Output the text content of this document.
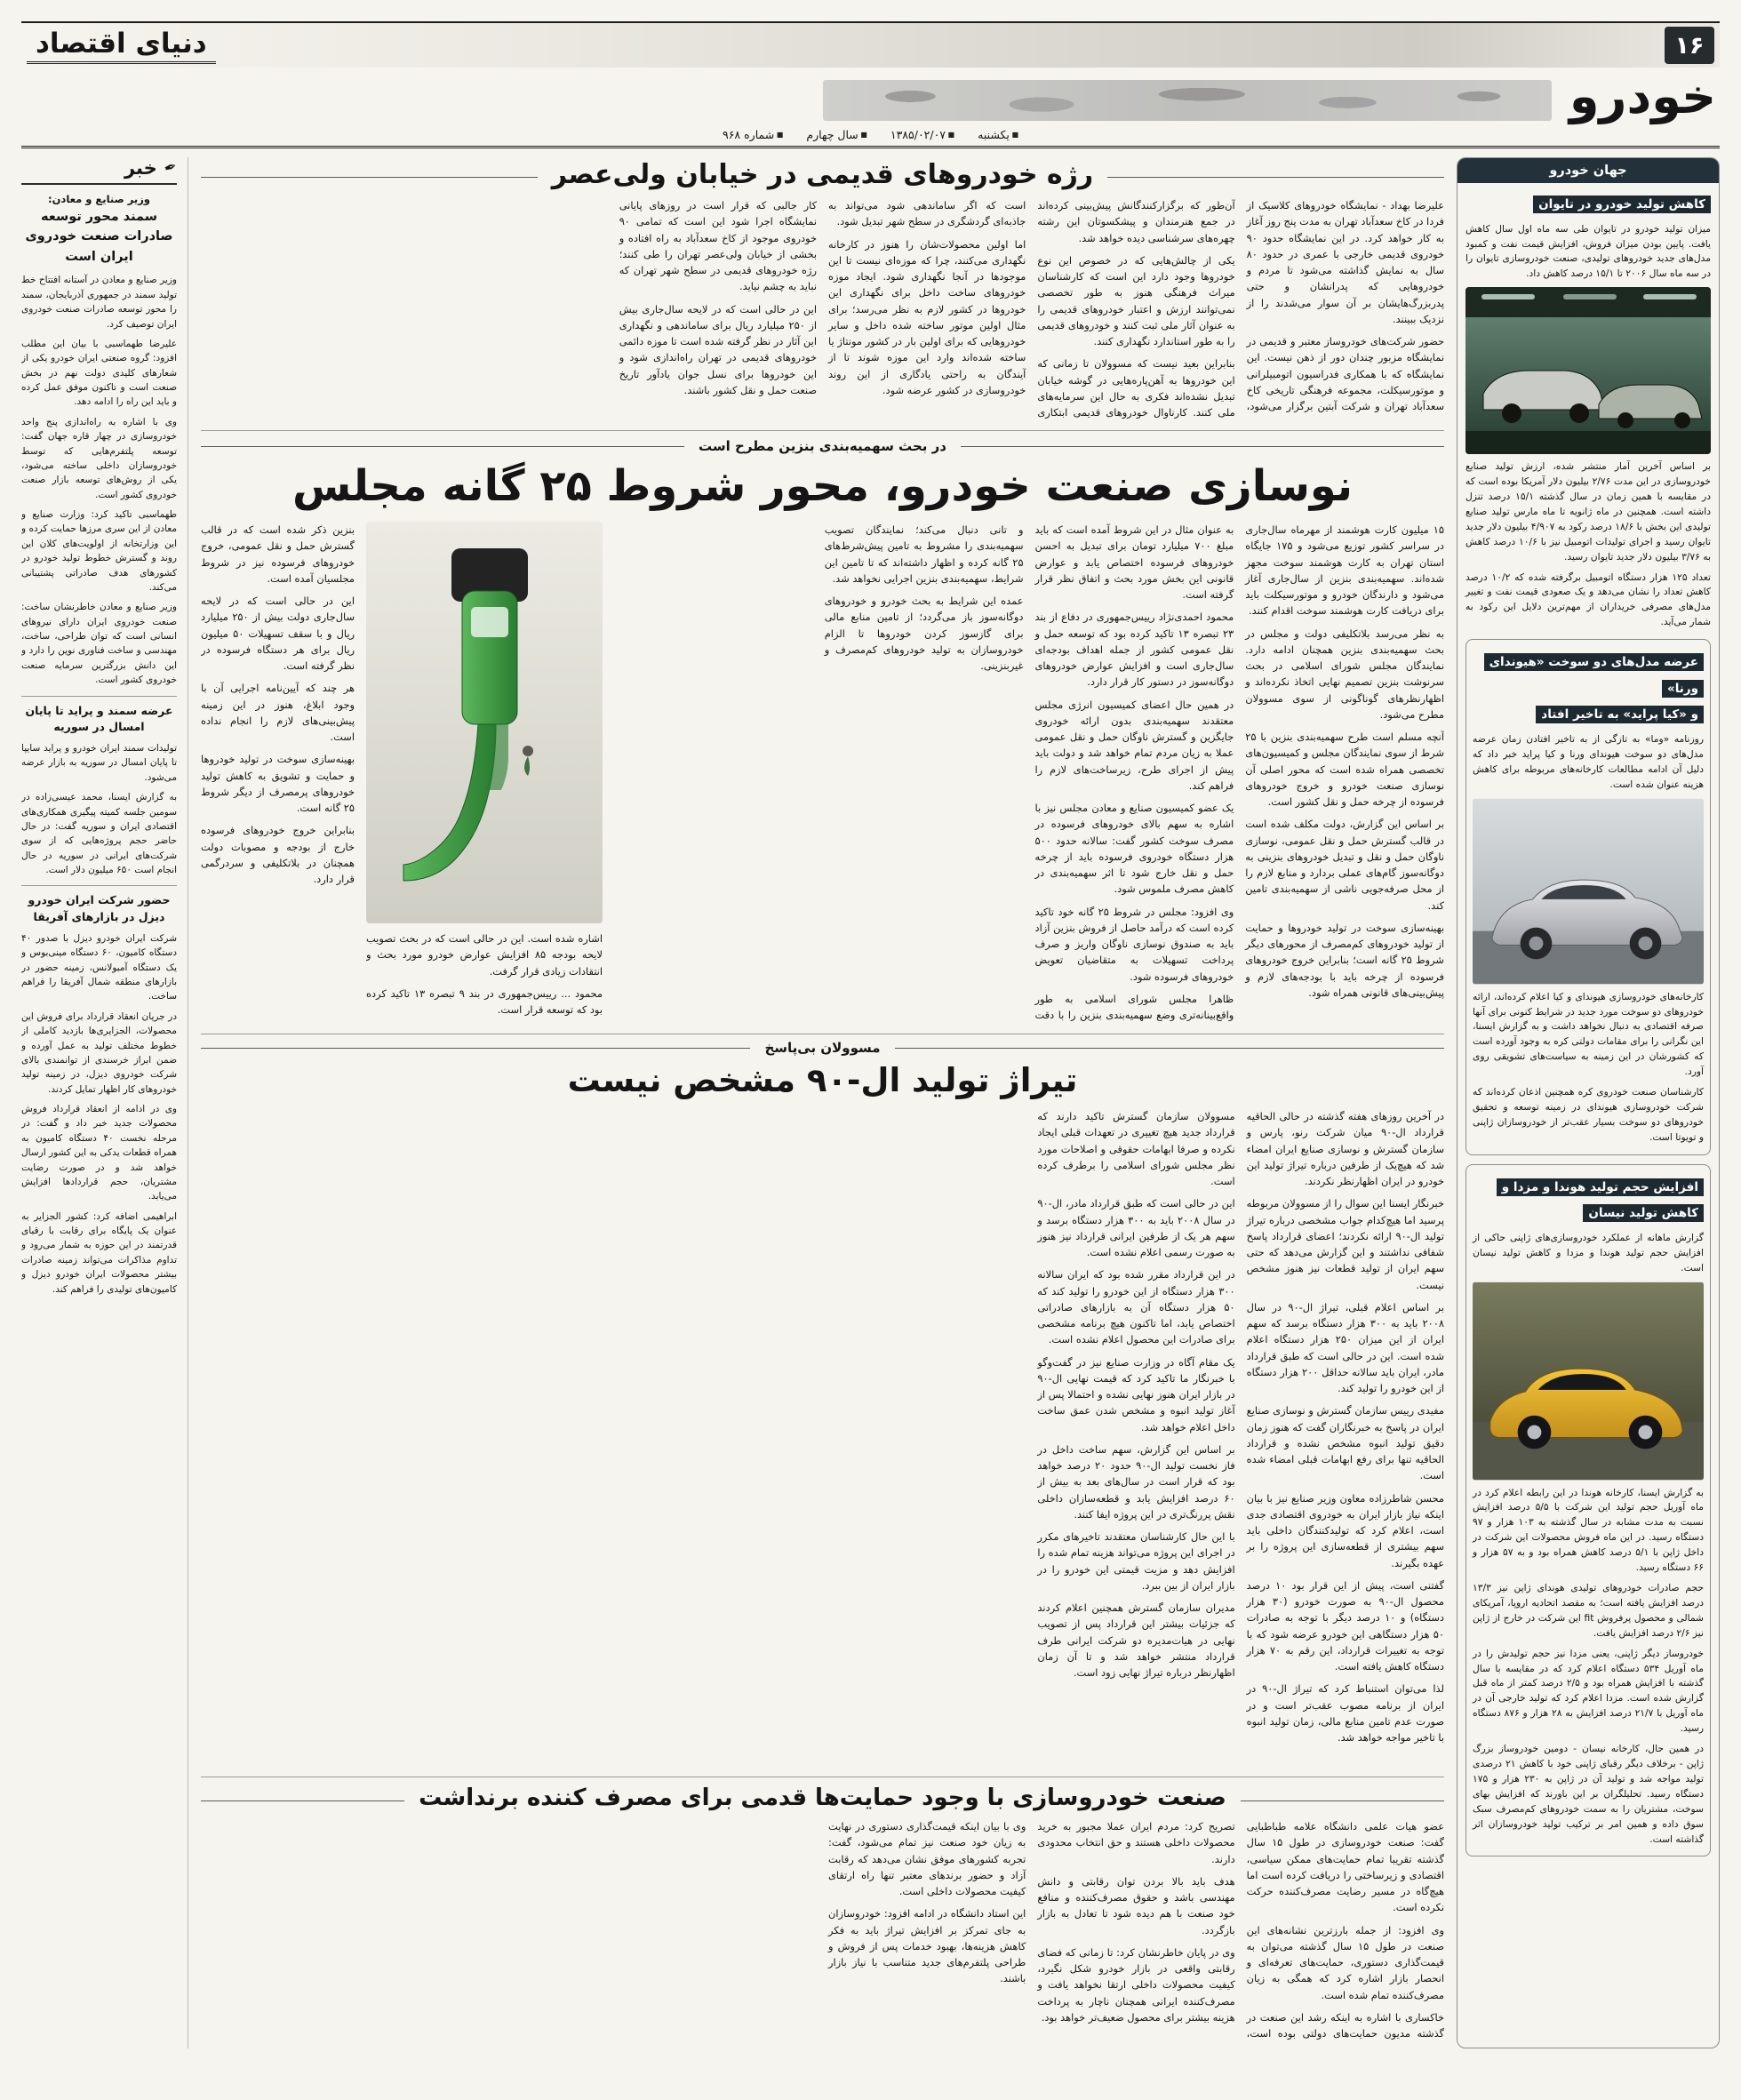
۱۶
دنیای اقتصاد
خودرو
■ یکشنبه
■ ۱۳۸۵/۰۲/۰۷
■ سال چهارم
■ شماره ۹۶۸
جهان خودرو
کاهش تولید خودرو در تایوان

میزان تولید خودرو در تایوان طی سه ماه اول سال کاهش یافت. پایین بودن میزان فروش، افزایش قیمت نفت و کمبود مدل‌های جدید خودروهای تولیدی، صنعت خودروسازی تایوان را در سه ماه سال ۲۰۰۶ تا ۱۵/۱ درصد کاهش داد.

بر اساس آخرین آمار منتشر شده، ارزش تولید صنایع خودروسازی در این مدت ۲/۷۶ بیلیون دلار آمریکا بوده است که در مقایسه با همین زمان در سال گذشته ۱۵/۱ درصد تنزل داشته است. همچنین در ماه ژانویه تا ماه مارس تولید صنایع تولیدی این بخش با ۱۸/۶ درصد رکود به ۴/۹۰۷ بیلیون دلار جدید تایوان رسید و اجرای تولیدات اتومبیل نیز با ۱۰/۶ درصد کاهش به ۳/۷۶ بیلیون دلار جدید تایوان رسید.

تعداد ۱۲۵ هزار دستگاه اتومبیل برگرفته شده که ۱۰/۲ درصد کاهش تعداد را نشان می‌دهد و یک صعودی قیمت نفت و تغییر مدل‌های مصرفی خریداران از مهم‌ترین دلایل این رکود به شمار می‌آید.

عرضه مدل‌های دو سوخت «هیوندای ورنا»
و «کیا پراید» به تاخیر افتاد

روزنامه «وما» به تازگی از به تاخیر افتادن زمان عرضه مدل‌های دو سوخت هیوندای ورنا و کیا پراید خبر داد که دلیل آن ادامه مطالعات کارخانه‌های مربوطه برای کاهش هزینه عنوان شده است.

کارخانه‌های خودروسازی هیوندای و کیا اعلام کرده‌اند، ارائه خودروهای دو سوخت مورد جدید در شرایط کنونی برای آنها صرفه اقتصادی به دنبال نخواهد داشت و به گزارش ایسنا، این نگرانی را برای مقامات دولتی کره به وجود آورده است که کشورشان در این زمینه به سیاست‌های تشویقی روی آورد.

کارشناسان صنعت خودروی کره همچنین اذعان کرده‌اند که شرکت خودروسازی هیوندای در زمینه توسعه و تحقیق خودروهای دو سوخت بسیار عقب‌تر از خودروسازان ژاپنی و تویوتا است.

افزایش حجم تولید هوندا و مزدا و کاهش تولید نیسان

گزارش ماهانه از عملکرد خودروسازی‌های ژاپنی حاکی از افزایش حجم تولید هوندا و مزدا و کاهش تولید نیسان است.

به گزارش ایسنا، کارخانه هوندا در این رابطه اعلام کرد در ماه آوریل حجم تولید این شرکت با ۵/۵ درصد افزایش نسبت به مدت مشابه در سال گذشته به ۱۰۳ هزار و ۹۷ دستگاه رسید. در این ماه فروش محصولات این شرکت در داخل ژاپن با ۵/۱ درصد کاهش همراه بود و به ۵۷ هزار و ۶۶ دستگاه رسید.

حجم صادرات خودروهای تولیدی هوندای ژاپن نیز ۱۳/۳ درصد افزایش یافته است؛ به مقصد اتحادیه اروپا، آمریکای شمالی و محصول پرفروش fit این شرکت در خارج از ژاپن نیز ۲/۶ درصد افزایش یافت.

خودروساز دیگر ژاپنی، یعنی مزدا نیز حجم تولیدش را در ماه آوریل ۵۳۴ دستگاه اعلام کرد که در مقایسه با سال گذشته با افزایش همراه بود و ۲/۵ درصد کمتر از ماه قبل گزارش شده است. مزدا اعلام کرد که تولید خارجی آن در ماه آوریل با ۲۱/۷ درصد افزایش به ۲۸ هزار و ۸۷۶ دستگاه رسید.

در همین حال، کارخانه نیسان - دومین خودروساز بزرگ ژاپن - برخلاف دیگر رقبای ژاپنی خود با کاهش ۲۱ درصدی تولید مواجه شد و تولید آن در ژاپن به ۲۳۰ هزار و ۱۷۵ دستگاه رسید. تحلیلگران بر این باورند که افزایش بهای سوخت، مشتریان را به سمت خودروهای کم‌مصرف سبک سوق داده و همین امر بر ترکیب تولید خودروسازان اثر گذاشته است.

رژه خودروهای قدیمی در خیابان ولی‌عصر

علیرضا بهداد - نمایشگاه خودروهای کلاسیک از فردا در کاخ سعدآباد تهران به مدت پنج روز آغاز به کار خواهد کرد. در این نمایشگاه حدود ۹۰ خودروی قدیمی خارجی با عمری در حدود ۸۰ سال به نمایش گذاشته می‌شود تا مردم و خودروهایی که پدرانشان و حتی پدربزرگ‌هایشان بر آن سوار می‌شدند را از نزدیک ببینند.

حضور شرکت‌های خودروساز معتبر و قدیمی در نمایشگاه مزبور چندان دور از ذهن نیست. این نمایشگاه که با همکاری فدراسیون اتومبیلرانی و موتورسیکلت، مجموعه فرهنگی تاریخی کاخ سعدآباد تهران و شرکت آبتین برگزار می‌شود، آن‌طور که برگزارکنندگانش پیش‌بینی کرده‌اند در جمع هنرمندان و پیشکسوتان این رشته چهره‌های سرشناسی دیده خواهد شد.

یکی از چالش‌هایی که در خصوص این نوع خودروها وجود دارد این است که کارشناسان میراث فرهنگی هنوز به طور تخصصی نمی‌توانند ارزش و اعتبار خودروهای قدیمی را به عنوان آثار ملی ثبت کنند و خودروهای قدیمی را به طور استاندارد نگهداری کنند.

بنابراین بعید نیست که مسوولان تا زمانی که این خودروها به آهن‌پاره‌هایی در گوشه خیابان تبدیل نشده‌اند فکری به حال این سرمایه‌های ملی کنند. کارناوال خودروهای قدیمی ابتکاری است که اگر ساماندهی شود می‌تواند به جاذبه‌ای گردشگری در سطح شهر تبدیل شود.

اما اولین محصولات‌شان را هنوز در کارخانه نگهداری می‌کنند، چرا که موزه‌ای نیست تا این موجودها در آنجا نگهداری شود. ایجاد موزه خودروهای ساخت داخل برای نگهداری این خودروها در کشور لازم به نظر می‌رسد؛ برای مثال اولین موتور ساخته شده داخل و سایر خودروهایی که برای اولین بار در کشور مونتاژ یا ساخته شده‌اند وارد این موزه شوند تا از آیندگان به راحتی یادگاری از این روند خودروسازی در کشور عرضه شود.

کار جالبی که قرار است در روزهای پایانی نمایشگاه اجرا شود این است که تمامی ۹۰ خودروی موجود از کاخ سعدآباد به راه افتاده و بخشی از خیابان ولی‌عصر تهران را طی کنند؛ رژه خودروهای قدیمی در سطح شهر تهران که نباید به چشم نیاید.

این در حالی است که در لایحه سال‌جاری بیش از ۲۵۰ میلیارد ریال برای ساماندهی و نگهداری این آثار در نظر گرفته شده است تا موزه دائمی خودروهای قدیمی در تهران راه‌اندازی شود و این خودروها برای نسل جوان یادآور تاریخ صنعت حمل و نقل کشور باشند.

در بحث سهمیه‌بندی بنزین مطرح است
نوسازی صنعت خودرو، محور شروط ۲۵ گانه مجلس

۱۵ میلیون کارت هوشمند از مهرماه سال‌جاری در سراسر کشور توزیع می‌شود و ۱۷۵ جایگاه استان تهران به کارت هوشمند سوخت مجهز شده‌اند. سهمیه‌بندی بنزین از سال‌جاری آغاز می‌شود و دارندگان خودرو و موتورسیکلت باید برای دریافت کارت هوشمند سوخت اقدام کنند.

به نظر می‌رسد بلاتکلیفی دولت و مجلس در بحث سهمیه‌بندی بنزین همچنان ادامه دارد. نمایندگان مجلس شورای اسلامی در بحث سرنوشت بنزین تصمیم نهایی اتخاذ نکرده‌اند و اظهارنظرهای گوناگونی از سوی مسوولان مطرح می‌شود.

آنچه مسلم است طرح سهمیه‌بندی بنزین با ۲۵ شرط از سوی نمایندگان مجلس و کمیسیون‌های تخصصی همراه شده است که محور اصلی آن نوسازی صنعت خودرو و خروج خودروهای فرسوده از چرخه حمل و نقل کشور است.

بر اساس این گزارش، دولت مکلف شده است در قالب گسترش حمل و نقل عمومی، نوسازی ناوگان حمل و نقل و تبدیل خودروهای بنزینی به دوگانه‌سوز گام‌های عملی بردارد و منابع لازم را از محل صرفه‌جویی ناشی از سهمیه‌بندی تامین کند.

بهینه‌سازی سوخت در تولید خودروها و حمایت از تولید خودروهای کم‌مصرف از محورهای دیگر شروط ۲۵ گانه است؛ بنابراین خروج خودروهای فرسوده از چرخه باید با بودجه‌های لازم و پیش‌بینی‌های قانونی همراه شود.

به عنوان مثال در این شروط آمده است که باید مبلغ ۷۰۰ میلیارد تومان برای تبدیل به احسن خودروهای فرسوده اختصاص یابد و عوارض قانونی این بخش مورد بحث و اتفاق نظر قرار گرفته است.

محمود احمدی‌نژاد رییس‌جمهوری در دفاع از بند ۲۳ تبصره ۱۳ تاکید کرده بود که توسعه حمل و نقل عمومی کشور از جمله اهداف بودجه‌ای سال‌جاری است و افزایش عوارض خودروهای دوگانه‌سوز در دستور کار قرار دارد.

در همین حال اعضای کمیسیون انرژی مجلس معتقدند سهمیه‌بندی بدون ارائه خودروی جایگزین و گسترش ناوگان حمل و نقل عمومی عملا به زیان مردم تمام خواهد شد و دولت باید پیش از اجرای طرح، زیرساخت‌های لازم را فراهم کند.

یک عضو کمیسیون صنایع و معادن مجلس نیز با اشاره به سهم بالای خودروهای فرسوده در مصرف سوخت کشور گفت: سالانه حدود ۵۰۰ هزار دستگاه خودروی فرسوده باید از چرخه حمل و نقل خارج شود تا اثر سهمیه‌بندی در کاهش مصرف ملموس شود.

وی افزود: مجلس در شروط ۲۵ گانه خود تاکید کرده است که درآمد حاصل از فروش بنزین آزاد باید به صندوق نوسازی ناوگان واریز و صرف پرداخت تسهیلات به متقاضیان تعویض خودروهای فرسوده شود.

ظاهرا مجلس شورای اسلامی به طور واقع‌بینانه‌تری وضع سهمیه‌بندی بنزین را با دقت و تانی دنبال می‌کند؛ نمایندگان تصویب سهمیه‌بندی را مشروط به تامین پیش‌شرط‌های ۲۵ گانه کرده و اظهار داشته‌اند که تا تامین این شرایط، سهمیه‌بندی بنزین اجرایی نخواهد شد.

عمده این شرایط به بحث خودرو و خودروهای دوگانه‌سوز باز می‌گردد؛ از تامین منابع مالی برای گازسوز کردن خودروها تا الزام خودروسازان به تولید خودروهای کم‌مصرف و غیربنزینی.

اشاره شده است. این در حالی است که در بحث تصویب لایحه بودجه ۸۵ افزایش عوارض خودرو مورد بحث و انتقادات زیادی قرار گرفت.

محمود ... رییس‌جمهوری در بند ۹ تبصره ۱۳ تاکید کرده بود که توسعه قرار است.

بنزین ذکر شده است که در قالب گسترش حمل و نقل عمومی، خروج خودروهای فرسوده نیز در شروط مجلسیان آمده است.

این در حالی است که در لایحه سال‌جاری دولت بیش از ۲۵۰ میلیارد ریال و با سقف تسهیلات ۵۰ میلیون ریال برای هر دستگاه فرسوده در نظر گرفته است.

هر چند که آیین‌نامه اجرایی آن با وجود ابلاغ، هنوز در این زمینه پیش‌بینی‌های لازم را انجام نداده است.

بهینه‌سازی سوخت در تولید خودروها و حمایت و تشویق به کاهش تولید خودروهای پرمصرف از دیگر شروط ۲۵ گانه است.

بنابراین خروج خودروهای فرسوده خارج از بودجه و مصوبات دولت همچنان در بلاتکلیفی و سردرگمی قرار دارد.

مسوولان بی‌پاسخ
تیراژ تولید ال-۹۰ مشخص نیست

در آخرین روزهای هفته گذشته در حالی الحاقیه قرارداد ال-۹۰ میان شرکت رنو، پارس و سازمان گسترش و نوسازی صنایع ایران امضاء شد که هیچ‌یک از طرفین درباره تیراژ تولید این خودرو در ایران اظهارنظر نکردند.

خبرنگار ایسنا این سوال را از مسوولان مربوطه پرسید اما هیچ‌کدام جواب مشخصی درباره تیراژ تولید ال-۹۰ ارائه نکردند؛ اعضای قرارداد پاسخ شفافی نداشتند و این گزارش می‌دهد که حتی سهم ایران از تولید قطعات نیز هنوز مشخص نیست.

بر اساس اعلام قبلی، تیراژ ال-۹۰ در سال ۲۰۰۸ باید به ۳۰۰ هزار دستگاه برسد که سهم ایران از این میزان ۲۵۰ هزار دستگاه اعلام شده است. این در حالی است که طبق قرارداد مادر، ایران باید سالانه حداقل ۲۰۰ هزار دستگاه از این خودرو را تولید کند.

مفیدی رییس سازمان گسترش و نوسازی صنایع ایران در پاسخ به خبرنگاران گفت که هنوز زمان دقیق تولید انبوه مشخص نشده و قرارداد الحاقیه تنها برای رفع ابهامات قبلی امضاء شده است.

محسن شاطرزاده معاون وزیر صنایع نیز با بیان اینکه نیاز بازار ایران به خودروی اقتصادی جدی است، اعلام کرد که تولیدکنندگان داخلی باید سهم بیشتری از قطعه‌سازی این پروژه را بر عهده بگیرند.

گفتنی است، پیش از این قرار بود ۱۰ درصد محصول ال-۹۰ به صورت خودرو (۳۰ هزار دستگاه) و ۱۰ درصد دیگر با توجه به صادرات ۵۰ هزار دستگاهی این خودرو عرضه شود که با توجه به تغییرات قرارداد، این رقم به ۷۰ هزار دستگاه کاهش یافته است.

لذا می‌توان استنباط کرد که تیراژ ال-۹۰ در ایران از برنامه مصوب عقب‌تر است و در صورت عدم تامین منابع مالی، زمان تولید انبوه با تاخیر مواجه خواهد شد.

مسوولان سازمان گسترش تاکید دارند که قرارداد جدید هیچ تغییری در تعهدات قبلی ایجاد نکرده و صرفا ابهامات حقوقی و اصلاحات مورد نظر مجلس شورای اسلامی را برطرف کرده است.

این در حالی است که طبق قرارداد مادر، ال-۹۰ در سال ۲۰۰۸ باید به ۳۰۰ هزار دستگاه برسد و سهم هر یک از طرفین ایرانی قرارداد نیز هنوز به صورت رسمی اعلام نشده است.

در این قرارداد مقرر شده بود که ایران سالانه ۳۰۰ هزار دستگاه از این خودرو را تولید کند که ۵۰ هزار دستگاه آن به بازارهای صادراتی اختصاص یابد، اما تاکنون هیچ برنامه مشخصی برای صادرات این محصول اعلام نشده است.

یک مقام آگاه در وزارت صنایع نیز در گفت‌وگو با خبرنگار ما تاکید کرد که قیمت نهایی ال-۹۰ در بازار ایران هنوز نهایی نشده و احتمالا پس از آغاز تولید انبوه و مشخص شدن عمق ساخت داخل اعلام خواهد شد.

بر اساس این گزارش، سهم ساخت داخل در فاز نخست تولید ال-۹۰ حدود ۲۰ درصد خواهد بود که قرار است در سال‌های بعد به بیش از ۶۰ درصد افزایش یابد و قطعه‌سازان داخلی نقش پررنگ‌تری در این پروژه ایفا کنند.

با این حال کارشناسان معتقدند تاخیرهای مکرر در اجرای این پروژه می‌تواند هزینه تمام شده را افزایش دهد و مزیت قیمتی این خودرو را در بازار ایران از بین ببرد.

مدیران سازمان گسترش همچنین اعلام کردند که جزئیات بیشتر این قرارداد پس از تصویب نهایی در هیات‌مدیره دو شرکت ایرانی طرف قرارداد منتشر خواهد شد و تا آن زمان اظهارنظر درباره تیراژ نهایی زود است.

صنعت خودروسازی با وجود حمایت‌ها قدمی برای مصرف کننده برنداشت

عضو هیات علمی دانشگاه علامه طباطبایی گفت: صنعت خودروسازی در طول ۱۵ سال گذشته تقریبا تمام حمایت‌های ممکن سیاسی، اقتصادی و زیرساختی را دریافت کرده است اما هیچ‌گاه در مسیر رضایت مصرف‌کننده حرکت نکرده است.

وی افزود: از جمله بارزترین نشانه‌های این صنعت در طول ۱۵ سال گذشته می‌توان به قیمت‌گذاری دستوری، حمایت‌های تعرفه‌ای و انحصار بازار اشاره کرد که همگی به زیان مصرف‌کننده تمام شده است.

خاکساری با اشاره به اینکه رشد این صنعت در گذشته مدیون حمایت‌های دولتی بوده است، تصریح کرد: مردم ایران عملا مجبور به خرید محصولات داخلی هستند و حق انتخاب محدودی دارند.

هدف باید بالا بردن توان رقابتی و دانش مهندسی باشد و حقوق مصرف‌کننده و منافع خود صنعت با هم دیده شود تا تعادل به بازار بازگردد.

وی در پایان خاطرنشان کرد: تا زمانی که فضای رقابتی واقعی در بازار خودرو شکل نگیرد، کیفیت محصولات داخلی ارتقا نخواهد یافت و مصرف‌کننده ایرانی همچنان ناچار به پرداخت هزینه بیشتر برای محصول ضعیف‌تر خواهد بود.

وی با بیان اینکه قیمت‌گذاری دستوری در نهایت به زیان خود صنعت نیز تمام می‌شود، گفت: تجربه کشورهای موفق نشان می‌دهد که رقابت آزاد و حضور برندهای معتبر تنها راه ارتقای کیفیت محصولات داخلی است.

این استاد دانشگاه در ادامه افزود: خودروسازان به جای تمرکز بر افزایش تیراژ باید به فکر کاهش هزینه‌ها، بهبود خدمات پس از فروش و طراحی پلتفرم‌های جدید متناسب با نیاز بازار باشند.

✒
خبر
وزیر صنایع و معادن:
سمند محور توسعه صادرات صنعت خودروی ایران است

وزیر صنایع و معادن در آستانه افتتاح خط تولید سمند در جمهوری آذربایجان، سمند را محور توسعه صادرات صنعت خودروی ایران توصیف کرد.

علیرضا طهماسبی با بیان این مطلب افزود: گروه صنعتی ایران خودرو یکی از شعارهای کلیدی دولت نهم در بخش صنعت است و تاکنون موفق عمل کرده و باید این راه را ادامه دهد.

وی با اشاره به راه‌اندازی پنج واحد خودروسازی در چهار قاره جهان گفت: توسعه پلتفرم‌هایی که توسط خودروسازان داخلی ساخته می‌شود، یکی از روش‌های توسعه بازار صنعت خودروی کشور است.

طهماسبی تاکید کرد: وزارت صنایع و معادن از این سری مرزها حمایت کرده و این وزارتخانه از اولویت‌های کلان این روند و گسترش خطوط تولید خودرو در کشورهای هدف صادراتی پشتیبانی می‌کند.

وزیر صنایع و معادن خاطرنشان ساخت: صنعت خودروی ایران دارای نیروهای انسانی است که توان طراحی، ساخت، مهندسی و ساخت فناوری نوین را دارد و این دانش بزرگترین سرمایه صنعت خودروی کشور است.

عرضه سمند و پراید تا پایان امسال در سوریه

تولیدات سمند ایران خودرو و پراید سایپا تا پایان امسال در سوریه به بازار عرضه می‌شود.

به گزارش ایسنا، محمد عیسی‌زاده در سومین جلسه کمیته پیگیری همکاری‌های اقتصادی ایران و سوریه گفت: در حال حاضر حجم پروژه‌هایی که از سوی شرکت‌های ایرانی در سوریه در حال انجام است ۶۵۰ میلیون دلار است.

حضور شرکت ایران خودرو دیزل در بازارهای آفریقا

شرکت ایران خودرو دیزل با صدور ۴۰ دستگاه کامیون، ۶۰ دستگاه مینی‌بوس و یک دستگاه آمبولانس، زمینه حضور در بازارهای منطقه شمال آفریقا را فراهم ساخت.

در جریان انعقاد قرارداد برای فروش این محصولات، الجزایری‌ها بازدید کاملی از خطوط مختلف تولید به عمل آورده و ضمن ابراز خرسندی از توانمندی بالای شرکت خودروی دیزل، در زمینه تولید خودروهای کار اظهار تمایل کردند.

وی در ادامه از انعقاد قرارداد فروش محصولات جدید خبر داد و گفت: در مرحله نخست ۴۰ دستگاه کامیون به همراه قطعات یدکی به این کشور ارسال خواهد شد و در صورت رضایت مشتریان، حجم قراردادها افزایش می‌یابد.

ابراهیمی اضافه کرد: کشور الجزایر به عنوان یک پایگاه برای رقابت با رقبای قدرتمند در این حوزه به شمار می‌رود و تداوم مذاکرات می‌تواند زمینه صادرات بیشتر محصولات ایران خودرو دیزل و کامیون‌های تولیدی را فراهم کند.
